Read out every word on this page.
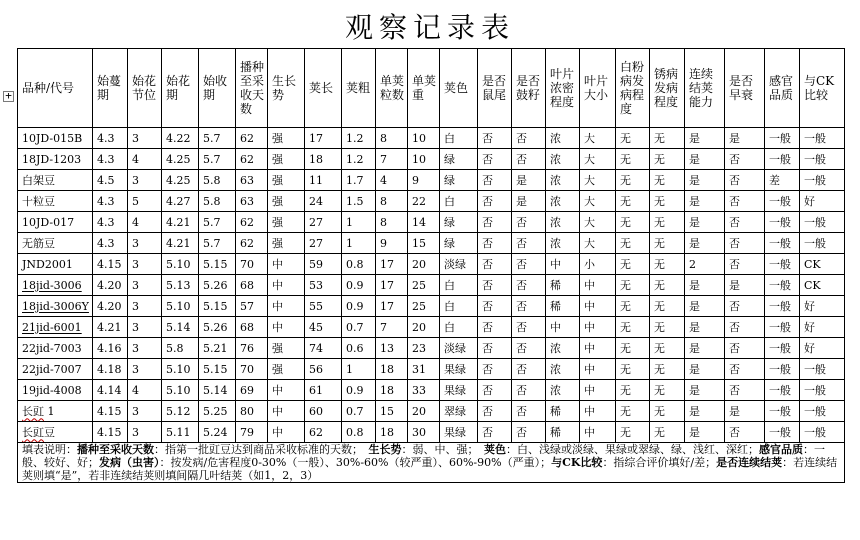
+
观察记录表
品种/代号	始蔓期	始花节位	始花期	始收期	播种至采收天数	生长势	荚长	荚粗	单荚粒数	单荚重	荚色	是否鼠尾	是否鼓籽	叶片浓密程度	叶片大小	白粉病发病程度	锈病发病程度	连续结荚能力	是否早衰	感官品质	与CK比较
10JD-015B	4.3	3	4.22	5.7	62	强	17	1.2	8	10	白	否	否	浓	大	无	无	是	是	一般	一般
18JD-1203	4.3	4	4.25	5.7	62	强	18	1.2	7	10	绿	否	否	浓	大	无	无	是	否	一般	一般
白架豆	4.5	3	4.25	5.8	63	强	11	1.7	4	9	绿	否	是	浓	大	无	无	是	否	差	一般
十粒豆	4.3	5	4.27	5.8	63	强	24	1.5	8	22	白	否	是	浓	大	无	无	是	否	一般	好
10JD-017	4.3	4	4.21	5.7	62	强	27	1	8	14	绿	否	否	浓	大	无	无	是	否	一般	一般
无筋豆	4.3	3	4.21	5.7	62	强	27	1	9	15	绿	否	否	浓	大	无	无	是	否	一般	一般
JND2001	4.15	3	5.10	5.15	70	中	59	0.8	17	20	淡绿	否	否	中	小	无	无	2	否	一般	CK
18jid-3006	4.20	3	5.13	5.26	68	中	53	0.9	17	25	白	否	否	稀	中	无	无	是	是	一般	CK
18jid-3006Y	4.20	3	5.10	5.15	57	中	55	0.9	17	25	白	否	否	稀	中	无	无	是	否	一般	好
21jid-6001	4.21	3	5.14	5.26	68	中	45	0.7	7	20	白	否	否	中	中	无	无	是	否	一般	好
22jid-7003	4.16	3	5.8	5.21	76	强	74	0.6	13	23	淡绿	否	否	浓	中	无	无	是	否	一般	好
22jid-7007	4.18	3	5.10	5.15	70	强	56	1	18	31	果绿	否	否	浓	中	无	无	是	否	一般	一般
19jid-4008	4.14	4	5.10	5.14	69	中	61	0.9	18	33	果绿	否	否	浓	中	无	无	是	否	一般	一般
长豇 1	4.15	3	5.12	5.25	80	中	60	0.7	15	20	翠绿	否	否	稀	中	无	无	是	是	一般	一般
长豇豆	4.15	3	5.11	5.24	79	中	62	0.8	18	30	果绿	否	否	稀	中	无	无	是	否	一般	一般
填表说明：播种至采收天数：指第一批豇豆达到商品采收标准的天数；　生长势：弱、中、强；　荚色：白、浅绿或淡绿、果绿或翠绿、绿、浅红、深红；感官品质：一般、较好、好；发病（虫害）：按发病/危害程度0-30%（一般）、30%-60%（较严重）、60%-90%（严重）；与CK比较：指综合评价填好/差；是否连续结荚：若连续结荚则填“是”，若非连续结荚则填间隔几叶结荚（如1，2，3）																					
